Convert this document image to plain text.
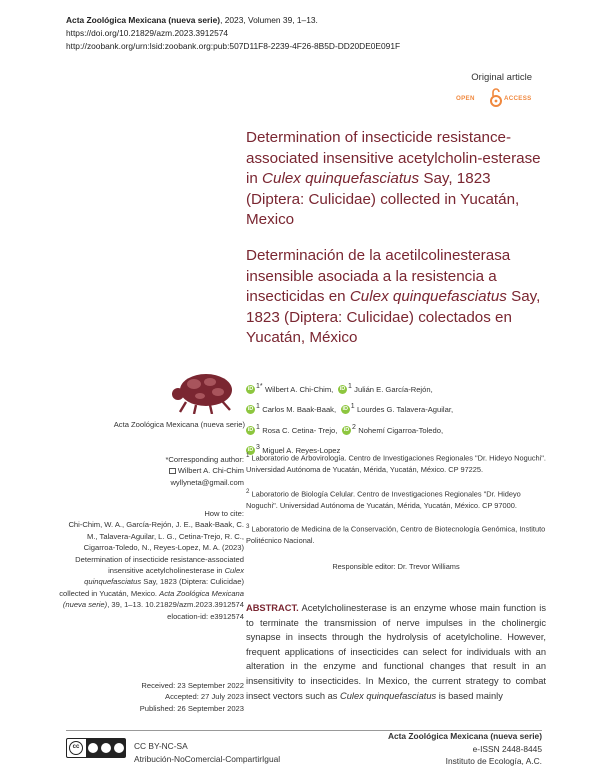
Acta Zoológica Mexicana (nueva serie), 2023, Volumen 39, 1–13.
https://doi.org/10.21829/azm.2023.3912574
http://zoobank.org/urn:lsid:zoobank.org:pub:507D11F8-2239-4F26-8B5D-DD20DE0E091F
Original article
OPEN	ACCESS
Determination of insecticide resistance-associated insensitive acetylcholin-esterase in Culex quinquefasciatus Say, 1823 (Diptera: Culicidae) collected in Yucatán, Mexico
Determinación de la acetilcolinesterasa insensible asociada a la resistencia a insecticidas en Culex quinquefasciatus Say, 1823 (Diptera: Culicidae) colectados en Yucatán, México
Acta Zoológica Mexicana (nueva serie)
iD $^{1*}$ Wilbert A. Chi-Chim, iD $^1$ Julián E. García-Rejón,
iD $^1$ Carlos M. Baak-Baak, iD $^1$ Lourdes G. Talavera-Aguilar,
iD $^1$ Rosa C. Cetina- Trejo, iD $^2$ Nohemí Cigarroa-Toledo,
iD $^3$ Miguel A. Reyes-Lopez
$^1$ Laboratorio de Arbovirología. Centro de Investigaciones Regionales "Dr. Hideyo Noguchi". Universidad Autónoma de Yucatán, Mérida, Yucatán, México. CP 97225.
$^2$ Laboratorio de Biología Celular. Centro de Investigaciones Regionales "Dr. Hideyo Noguchi". Universidad Autónoma de Yucatán, Mérida, Yucatán, México. CP 97000.
$^3$ Laboratorio de Medicina de la Conservación, Centro de Biotecnología Genómica, Instituto Politécnico Nacional.
Responsible editor: Dr. Trevor Williams
*Corresponding author:
Wilbert A. Chi-Chim
wyllyneta@gmail.com
How to cite:
Chi-Chim, W. A., García-Rejón, J. E., Baak-Baak, C. M., Talavera-Aguilar, L. G., Cetina-Trejo, R. C., Cigarroa-Toledo, N., Reyes-Lopez, M. A. (2023) Determination of insecticide resistance-associated insensitive acetylcholinesterase in Culex quinquefasciatus Say, 1823 (Diptera: Culicidae) collected in Yucatán, Mexico. Acta Zoológica Mexicana (nueva serie), 39, 1–13. 10.21829/azm.2023.3912574
elocation-id: e3912574
Received: 23 September 2022
Accepted: 27 July 2023
Published: 26 September 2023
ABSTRACT. Acetylcholinesterase is an enzyme whose main function is to terminate the transmission of nerve impulses in the cholinergic synapse in insects through the hydrolysis of acetylcholine. However, frequent applications of insecticides can select for individuals with an alteration in the enzyme and functional changes that result in an insensitivity to insecticides. In Mexico, the current strategy to combat insect vectors such as Culex quinquefasciatus is based mainly
cc	CC BY-NC-SA
Atribución-NoComercial-CompartirIgual
Acta Zoológica Mexicana (nueva serie)
e-ISSN 2448-8445
Instituto de Ecología, A.C.
